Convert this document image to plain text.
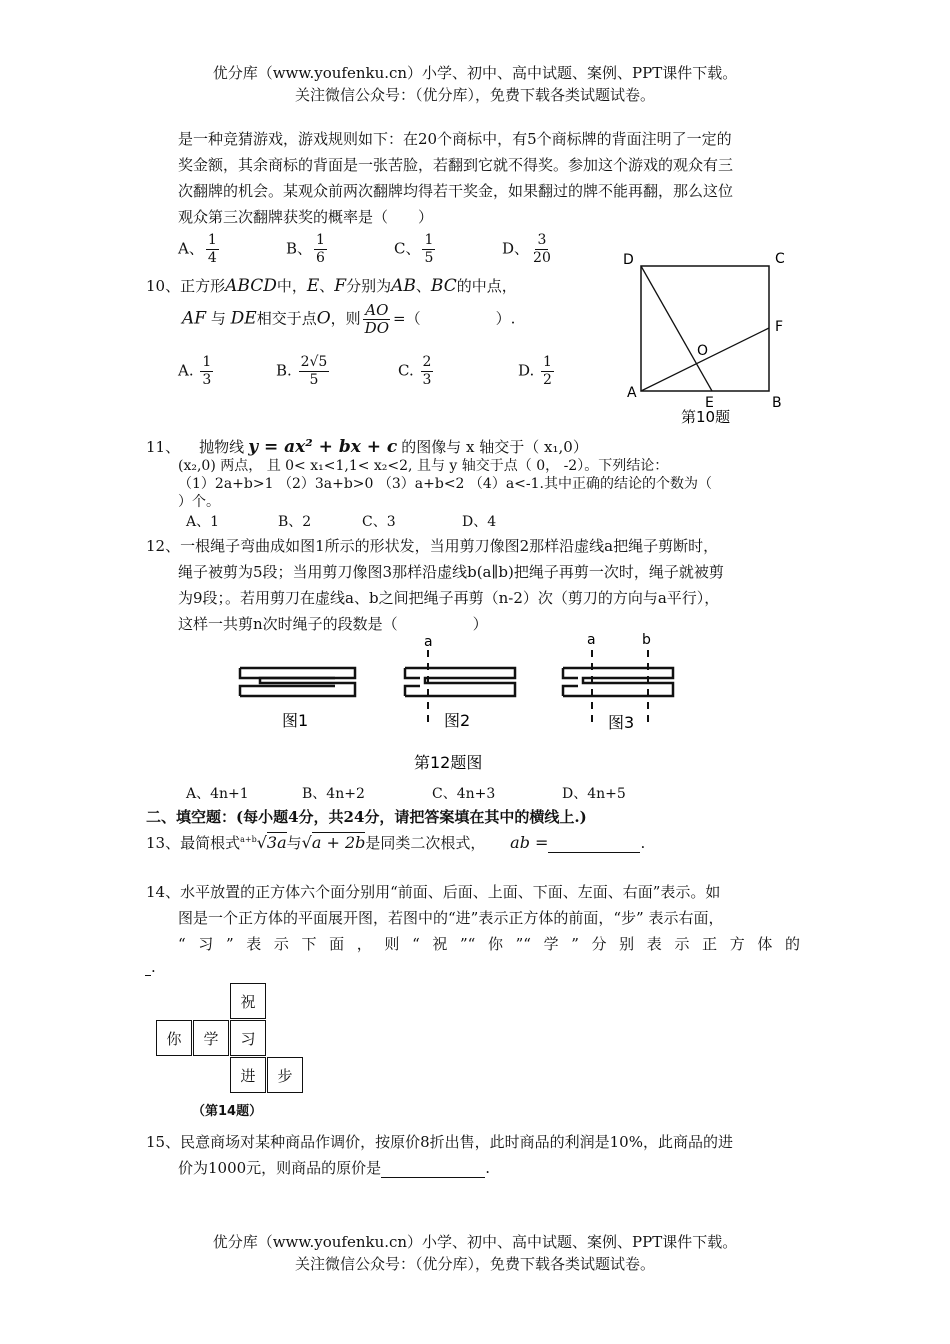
优分库（www.youfenku.cn）小学、初中、高中试题、案例、PPT课件下载。
关注微信公众号：（优分库），免费下载各类试题试卷。
是一种竞猜游戏，游戏规则如下：在20个商标中，有5个商标牌的背面注明了一定的
奖金额，其余商标的背面是一张苦脸，若翻到它就不得奖。参加这个游戏的观众有三
次翻牌的机会。某观众前两次翻牌均得若干奖金，如果翻过的牌不能再翻，那么这位
观众第三次翻牌获奖的概率是（　　）
A、 $\frac{1}{4}$	B、 $\frac{1}{6}$	C、 $\frac{1}{5}$	D、 $\frac{3}{20}$
10、正方形ABCD中，E、F分别为AB、BC的中点，
AF 与 DE相交于点O，则 $\frac{AO}{DO}$ =（　　　　　）.
A. $\frac{1}{3}$	B. $\frac{2√5}{5}$	C. $\frac{2}{3}$	D. $\frac{1}{2}$
D	C
A
B
E
F
O
第10题
11、 抛物线 y = ax² + bx + c 的图像与 x 轴交于（ x₁,0）
(x₂,0) 两点， 且 0< x₁<1,1< x₂<2, 且与 y 轴交于点（ 0， -2）。下列结论：
（1）2a+b>1 （2）3a+b>0 （3）a+b<2 （4）a<-1.其中正确的结论的个数为（
）个。
A、1	B、2	C、3	D、4
12、一根绳子弯曲成如图1所示的形状发，当用剪刀像图2那样沿虚线a把绳子剪断时，
绳子被剪为5段；当用剪刀像图3那样沿虚线b(a∥b)把绳子再剪一次时，绳子就被剪
为9段；。若用剪刀在虚线a、b之间把绳子再剪（n-2）次（剪刀的方向与a平行），
这样一共剪n次时绳子的段数是（　　　　　）
图1
a
图2
a	b
图3
第12题图
A、4n+1	B、4n+2	C、4n+3	D、4n+5
二、填空题：(每小题4分，共24分，请把答案填在其中的横线上.)
13、最简根式$^{a+b}$√3a与√a + 2b是同类二次根式， ab =	.
14、水平放置的正方体六个面分别用“前面、后面、上面、下面、左面、右面”表示。如
图是一个正方体的平面展开图，若图中的“进”表示正方体的前面，“步” 表示右面，
“习”表示下面，则“祝”“你”“学”分别表示正方体的
.
祝
你	学	习
进	步
（第14题）
15、民意商场对某种商品作调价，按原价8折出售，此时商品的利润是10%，此商品的进
价为1000元，则商品的原价是	.
优分库（www.youfenku.cn）小学、初中、高中试题、案例、PPT课件下载。
关注微信公众号：（优分库），免费下载各类试题试卷。
